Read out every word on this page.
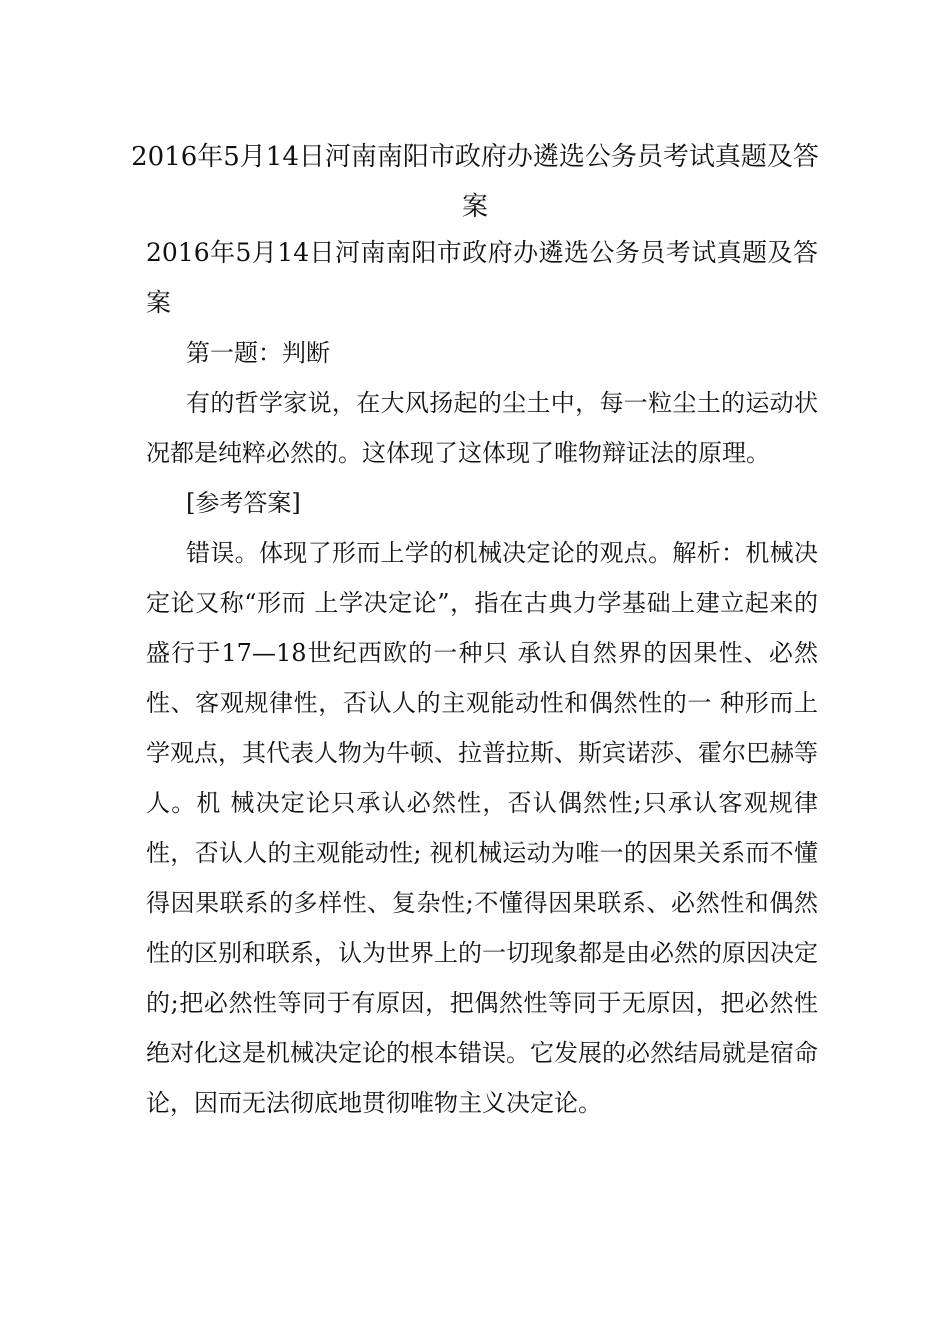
2016年5月14日河南南阳市政府办遴选公务员考试真题及答案
2016年5月14日河南南阳市政府办遴选公务员考试真题及答案

第一题：判断

有的哲学家说，在大风扬起的尘土中，每一粒尘土的运动状况都是纯粹必然的。这体现了这体现了唯物辩证法的原理。

[参考答案]

错误。体现了形而上学的机械决定论的观点。解析：机械决定论又称“形而 上学决定论”，指在古典力学基础上建立起来的盛行于17—18世纪西欧的一种只 承认自然界的因果性、必然性、客观规律性，否认人的主观能动性和偶然性的一 种形而上学观点，其代表人物为牛顿、拉普拉斯、斯宾诺莎、霍尔巴赫等人。机 械决定论只承认必然性，否认偶然性;只承认客观规律性，否认人的主观能动性; 视机械运动为唯一的因果关系而不懂得因果联系的多样性、复杂性;不懂得因果联系、必然性和偶然性的区别和联系，认为世界上的一切现象都是由必然的原因决定的;把必然性等同于有原因，把偶然性等同于无原因，把必然性绝对化这是机械决定论的根本错误。它发展的必然结局就是宿命论，因而无法彻底地贯彻唯物主义决定论。
